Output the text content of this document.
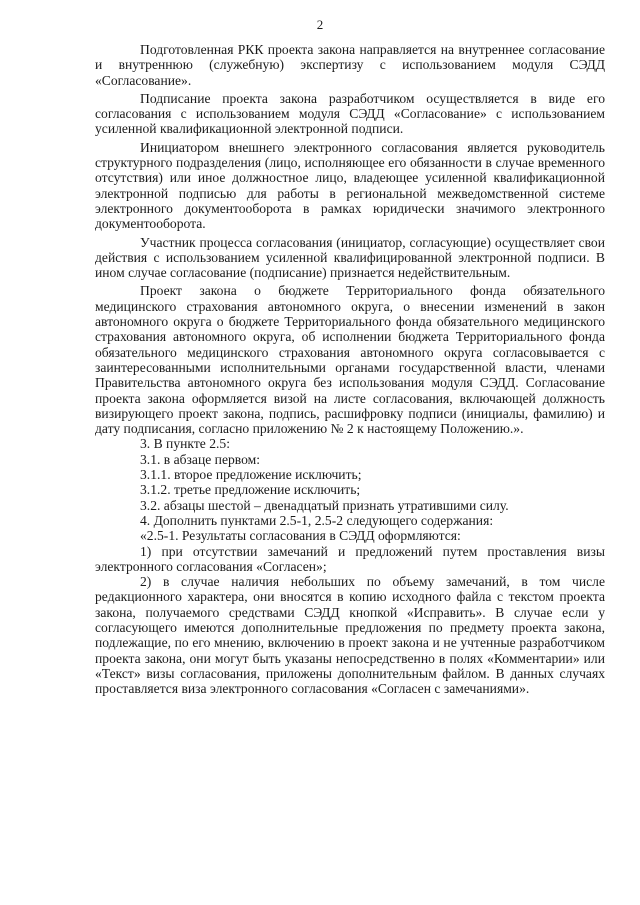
2

Подготовленная РКК проекта закона направляется на внутреннее согласование и внутреннюю (служебную) экспертизу с использованием модуля СЭДД «Согласование».

Подписание проекта закона разработчиком осуществляется в виде его согласования с использованием модуля СЭДД «Согласование» с использованием усиленной квалификационной электронной подписи.

Инициатором внешнего электронного согласования является руководитель структурного подразделения (лицо, исполняющее его обязанности в случае временного отсутствия) или иное должностное лицо, владеющее усиленной квалификационной электронной подписью для работы в региональной межведомственной системе электронного документооборота в рамках юридически значимого электронного документооборота.

Участник процесса согласования (инициатор, согласующие) осуществляет свои действия с использованием усиленной квалифицированной электронной подписи. В ином случае согласование (подписание) признается недействительным.

Проект закона о бюджете Территориального фонда обязательного медицинского страхования автономного округа, о внесении изменений в закон автономного округа о бюджете Территориального фонда обязательного медицинского страхования автономного округа, об исполнении бюджета Территориального фонда обязательного медицинского страхования автономного округа согласовывается с заинтересованными исполнительными органами государственной власти, членами Правительства автономного округа без использования модуля СЭДД. Согласование проекта закона оформляется визой на листе согласования, включающей должность визирующего проект закона, подпись, расшифровку подписи (инициалы, фамилию) и дату подписания, согласно приложению № 2 к настоящему Положению.».

3. В пункте 2.5:

3.1. в абзаце первом:

3.1.1. второе предложение исключить;

3.1.2. третье предложение исключить;

3.2. абзацы шестой – двенадцатый признать утратившими силу.

4. Дополнить пунктами 2.5-1, 2.5-2 следующего содержания:

«2.5-1. Результаты согласования в СЭДД оформляются:

1) при отсутствии замечаний и предложений путем проставления визы электронного согласования «Согласен»;

2) в случае наличия небольших по объему замечаний, в том числе редакционного характера, они вносятся в копию исходного файла с текстом проекта закона, получаемого средствами СЭДД кнопкой «Исправить». В случае если у согласующего имеются дополнительные предложения по предмету проекта закона, подлежащие, по его мнению, включению в проект закона и не учтенные разработчиком проекта закона, они могут быть указаны непосредственно в полях «Комментарии» или «Текст» визы согласования, приложены дополнительным файлом. В данных случаях проставляется виза электронного согласования «Согласен с замечаниями».
